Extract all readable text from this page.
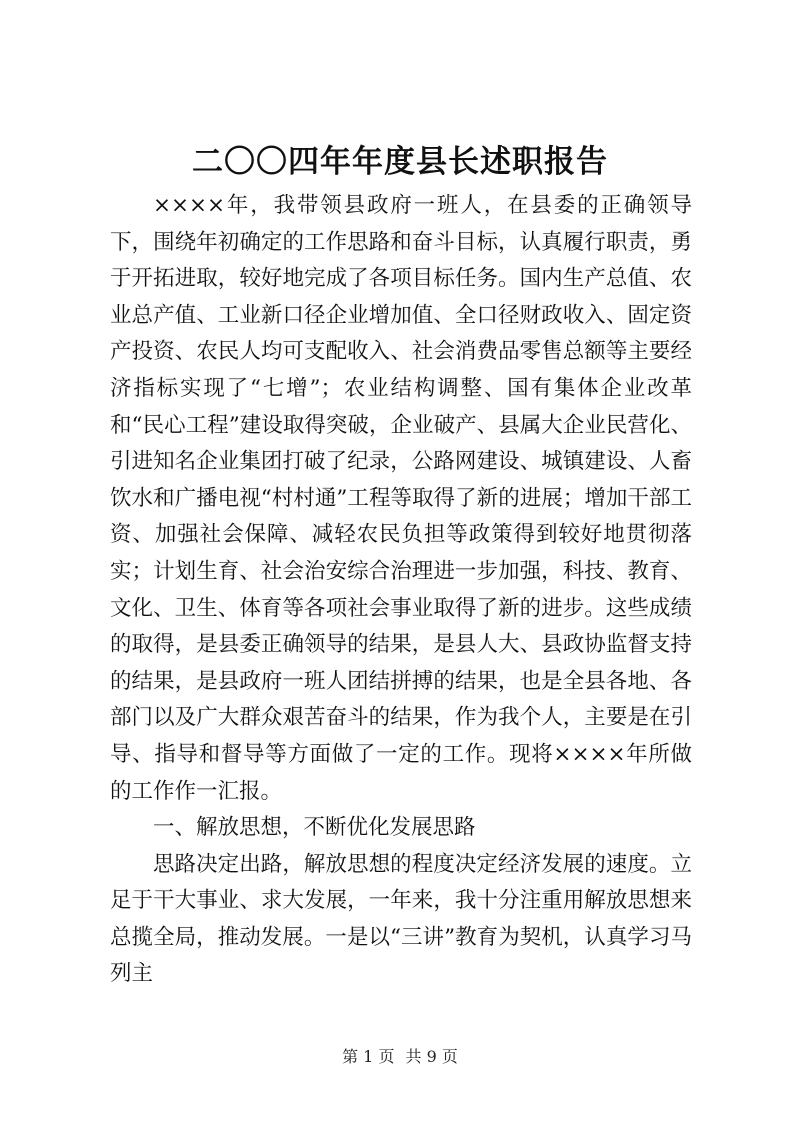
二〇〇四年年度县长述职报告

××××年，我带领县政府一班人，在县委的正确领导下，围绕年初确定的工作思路和奋斗目标，认真履行职责，勇于开拓进取，较好地完成了各项目标任务。国内生产总值、农业总产值、工业新口径企业增加值、全口径财政收入、固定资产投资、农民人均可支配收入、社会消费品零售总额等主要经济指标实现了“七增”；农业结构调整、国有集体企业改革和“民心工程”建设取得突破，企业破产、县属大企业民营化、引进知名企业集团打破了纪录，公路网建设、城镇建设、人畜饮水和广播电视“村村通”工程等取得了新的进展；增加干部工资、加强社会保障、减轻农民负担等政策得到较好地贯彻落实；计划生育、社会治安综合治理进一步加强，科技、教育、文化、卫生、体育等各项社会事业取得了新的进步。这些成绩的取得，是县委正确领导的结果，是县人大、县政协监督支持的结果，是县政府一班人团结拼搏的结果，也是全县各地、各部门以及广大群众艰苦奋斗的结果，作为我个人，主要是在引导、指导和督导等方面做了一定的工作。现将××××年所做的工作作一汇报。

一、解放思想，不断优化发展思路

思路决定出路，解放思想的程度决定经济发展的速度。立足于干大事业、求大发展，一年来，我十分注重用解放思想来总揽全局，推动发展。一是以“三讲”教育为契机，认真学习马列主

第 1 页 共 9 页
